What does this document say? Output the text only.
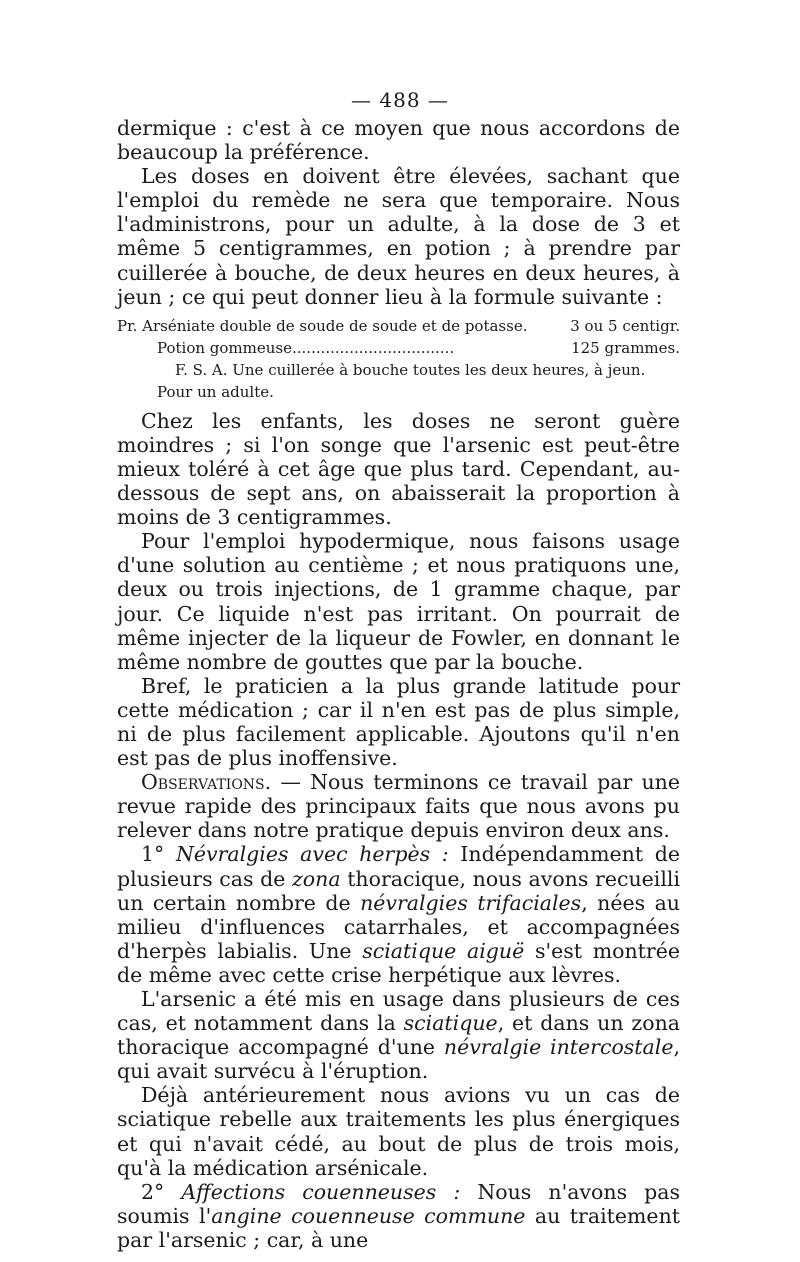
— 488 —

dermique : c'est à ce moyen que nous accordons de beaucoup la préférence.

Les doses en doivent être élevées, sachant que l'emploi du remède ne sera que temporaire. Nous l'administrons, pour un adulte, à la dose de 3 et même 5 centigrammes, en potion ; à prendre par cuillerée à bouche, de deux heures en deux heures, à jeun ; ce qui peut donner lieu à la formule suivante :

Pr. Arséniate double de soude de soude et de potasse.	3 ou 5 centigr.
Potion gommeuse..................................	125 grammes.
F. S. A. Une cuillerée à bouche toutes les deux heures, à jeun.
Pour un adulte.

Chez les enfants, les doses ne seront guère moindres ; si l'on songe que l'arsenic est peut-être mieux toléré à cet âge que plus tard. Cependant, au-dessous de sept ans, on abaisserait la proportion à moins de 3 centigrammes.

Pour l'emploi hypodermique, nous faisons usage d'une solution au centième ; et nous pratiquons une, deux ou trois injections, de 1 gramme chaque, par jour. Ce liquide n'est pas irritant. On pourrait de même injecter de la liqueur de Fowler, en donnant le même nombre de gouttes que par la bouche.

Bref, le praticien a la plus grande latitude pour cette médication ; car il n'en est pas de plus simple, ni de plus facilement applicable. Ajoutons qu'il n'en est pas de plus inoffensive.

Observations. — Nous terminons ce travail par une revue rapide des principaux faits que nous avons pu relever dans notre pratique depuis environ deux ans.

1° Névralgies avec herpès : Indépendamment de plusieurs cas de zona thoracique, nous avons recueilli un certain nombre de névralgies trifaciales, nées au milieu d'influences catarrhales, et accompagnées d'herpès labialis. Une sciatique aiguë s'est montrée de même avec cette crise herpétique aux lèvres.

L'arsenic a été mis en usage dans plusieurs de ces cas, et notamment dans la sciatique, et dans un zona thoracique accompagné d'une névralgie intercostale, qui avait survécu à l'éruption.

Déjà antérieurement nous avions vu un cas de sciatique rebelle aux traitements les plus énergiques et qui n'avait cédé, au bout de plus de trois mois, qu'à la médication arsénicale.

2° Affections couenneuses : Nous n'avons pas soumis l'angine couenneuse commune au traitement par l'arsenic ; car, à une
